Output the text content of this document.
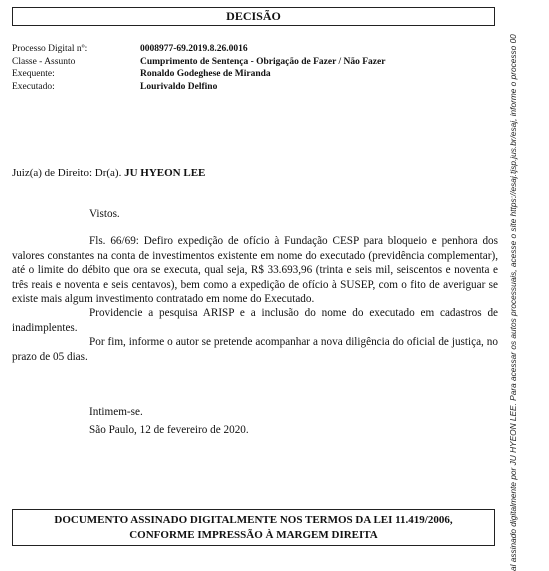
DECISÃO
Processo Digital nº:	0008977-69.2019.8.26.0016
Classe - Assunto	Cumprimento de Sentença - Obrigação de Fazer / Não Fazer
Exequente:	Ronaldo Godeghese de Miranda
Executado:	Lourivaldo Delfino
Juiz(a) de Direito: Dr(a). JU HYEON LEE

Vistos.

Fls. 66/69: Defiro expedição de ofício à Fundação CESP para bloqueio e penhora dos valores constantes na conta de investimentos existente em nome do executado (previdência complementar), até o limite do débito que ora se executa, qual seja, R$ 33.693,96 (trinta e seis mil, seiscentos e noventa e três reais e noventa e seis centavos), bem como a expedição de ofício à SUSEP, com o fito de averiguar se existe mais algum investimento contratado em nome do Executado.

Providencie a pesquisa ARISP e a inclusão do nome do executado em cadastros de inadimplentes.

Por fim, informe o autor se pretende acompanhar a nova diligência do oficial de justiça, no prazo de 05 dias.

Intimem-se.
São Paulo, 12 de fevereiro de 2020.
DOCUMENTO ASSINADO DIGITALMENTE NOS TERMOS DA LEI 11.419/2006,
CONFORME IMPRESSÃO À MARGEM DIREITA	al assinado digitalmente por JU HYEON LEE. Para acessar os autos processuais, acesse o site https://esaj.tjsp.jus.br/esaj, informe o processo 00
